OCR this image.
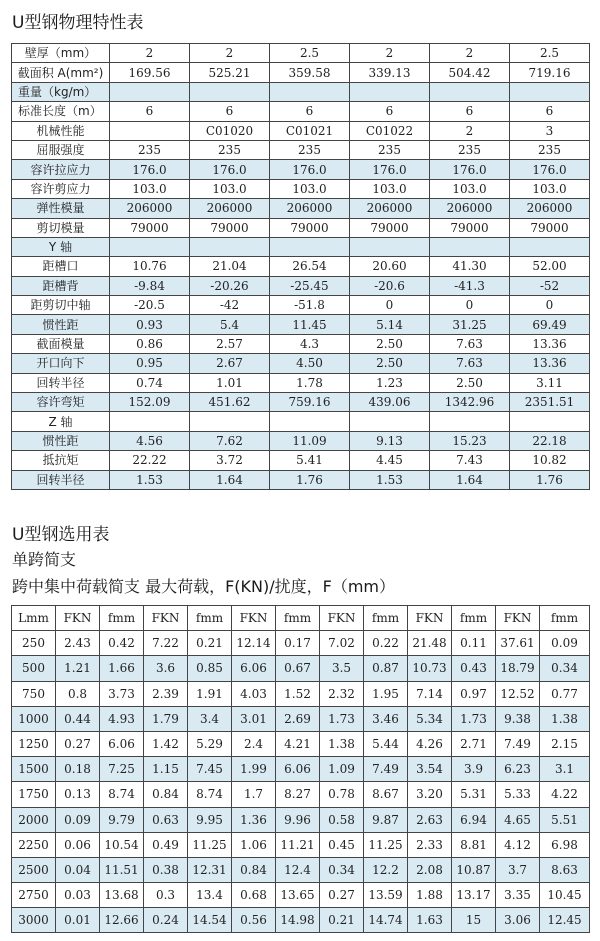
U型钢物理特性表
壁厚（mm）	2	2	2.5	2	2	2.5
截面积 A(mm²)	169.56	525.21	359.58	339.13	504.42	719.16
重量（kg/m）						
标准长度（m）	6	6	6	6	6	6
机械性能		C01020	C01021	C01022	2	3
屈服强度	235	235	235	235	235	235
容许拉应力	176.0	176.0	176.0	176.0	176.0	176.0
容许剪应力	103.0	103.0	103.0	103.0	103.0	103.0
弹性模量	206000	206000	206000	206000	206000	206000
剪切模量	79000	79000	79000	79000	79000	79000
Y 轴						
距槽口	10.76	21.04	26.54	20.60	41.30	52.00
距槽背	-9.84	-20.26	-25.45	-20.6	-41.3	-52
距剪切中轴	-20.5	-42	-51.8	0	0	0
惯性距	0.93	5.4	11.45	5.14	31.25	69.49
截面模量	0.86	2.57	4.3	2.50	7.63	13.36
开口向下	0.95	2.67	4.50	2.50	7.63	13.36
回转半径	0.74	1.01	1.78	1.23	2.50	3.11
容许弯矩	152.09	451.62	759.16	439.06	1342.96	2351.51
Z 轴						
惯性距	4.56	7.62	11.09	9.13	15.23	22.18
抵抗矩	22.22	3.72	5.41	4.45	7.43	10.82
回转半径	1.53	1.64	1.76	1.53	1.64	1.76
U型钢选用表
单跨简支
跨中集中荷载简支 最大荷载，F(KN)/扰度，F（mm）
Lmm	FKN	fmm	FKN	fmm	FKN	fmm	FKN	fmm	FKN	fmm	FKN	fmm
250	2.43	0.42	7.22	0.21	12.14	0.17	7.02	0.22	21.48	0.11	37.61	0.09
500	1.21	1.66	3.6	0.85	6.06	0.67	3.5	0.87	10.73	0.43	18.79	0.34
750	0.8	3.73	2.39	1.91	4.03	1.52	2.32	1.95	7.14	0.97	12.52	0.77
1000	0.44	4.93	1.79	3.4	3.01	2.69	1.73	3.46	5.34	1.73	9.38	1.38
1250	0.27	6.06	1.42	5.29	2.4	4.21	1.38	5.44	4.26	2.71	7.49	2.15
1500	0.18	7.25	1.15	7.45	1.99	6.06	1.09	7.49	3.54	3.9	6.23	3.1
1750	0.13	8.74	0.84	8.74	1.7	8.27	0.78	8.67	3.20	5.31	5.33	4.22
2000	0.09	9.79	0.63	9.95	1.36	9.96	0.58	9.87	2.63	6.94	4.65	5.51
2250	0.06	10.54	0.49	11.25	1.06	11.21	0.45	11.25	2.33	8.81	4.12	6.98
2500	0.04	11.51	0.38	12.31	0.84	12.4	0.34	12.2	2.08	10.87	3.7	8.63
2750	0.03	13.68	0.3	13.4	0.68	13.65	0.27	13.59	1.88	13.17	3.35	10.45
3000	0.01	12.66	0.24	14.54	0.56	14.98	0.21	14.74	1.63	15	3.06	12.45
